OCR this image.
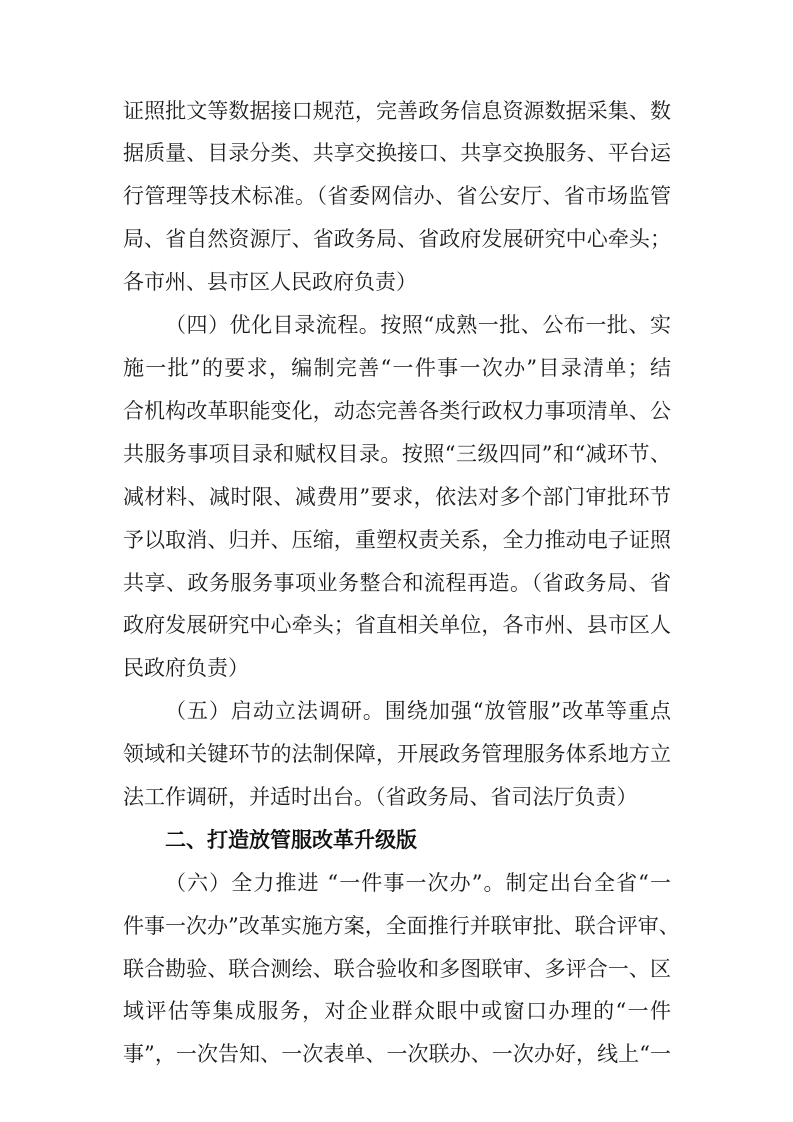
证照批文等数据接口规范，完善政务信息资源数据采集、数
据质量、目录分类、共享交换接口、共享交换服务、平台运
行管理等技术标准。（省委网信办、省公安厅、省市场监管
局、省自然资源厅、省政务局、省政府发展研究中心牵头；
各市州、县市区人民政府负责）
（四）优化目录流程。按照“成熟一批、公布一批、实
施一批”的要求，编制完善“一件事一次办”目录清单；结
合机构改革职能变化，动态完善各类行政权力事项清单、公
共服务事项目录和赋权目录。按照“三级四同”和“减环节、
减材料、减时限、减费用”要求，依法对多个部门审批环节
予以取消、归并、压缩，重塑权责关系，全力推动电子证照
共享、政务服务事项业务整合和流程再造。（省政务局、省
政府发展研究中心牵头；省直相关单位，各市州、县市区人
民政府负责）
（五）启动立法调研。围绕加强“放管服”改革等重点
领域和关键环节的法制保障，开展政务管理服务体系地方立
法工作调研，并适时出台。（省政务局、省司法厅负责）
二、打造放管服改革升级版
（六）全力推进 “一件事一次办”。制定出台全省“一
件事一次办”改革实施方案，全面推行并联审批、联合评审、
联合勘验、联合测绘、联合验收和多图联审、多评合一、区
域评估等集成服务，对企业群众眼中或窗口办理的“一件
事”，一次告知、一次表单、一次联办、一次办好，线上“一
